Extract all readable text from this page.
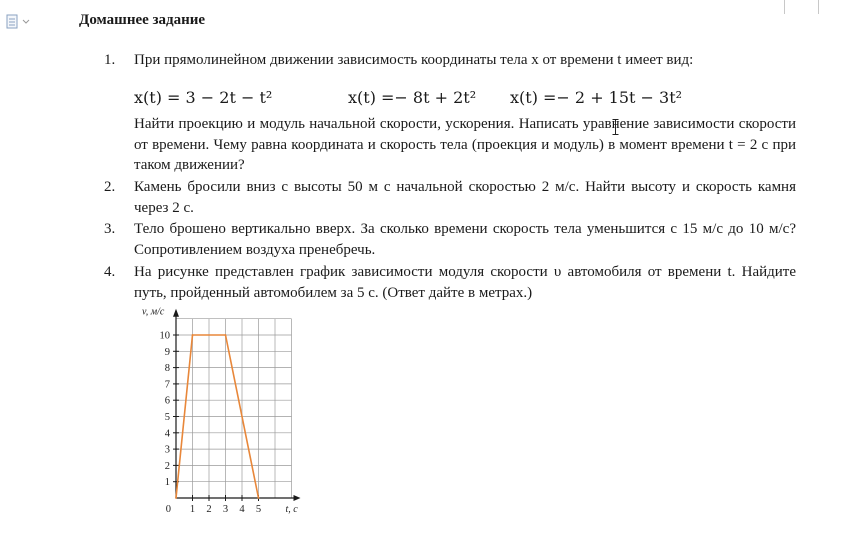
Домашнее задание
1.	При прямолинейном движении зависимость координаты тела x от времени t имеет вид:
x(t) = 3 − 2t − t²	x(t) =− 8t + 2t² x(t) =− 2 + 15t − 3t²
Найти проекцию и модуль начальной скорости, ускорения. Написать уравнение зависимости скорости от времени. Чему равна координата и скорость тела (проекция и модуль) в момент времени t = 2 с при таком движении?
2.	Камень бросили вниз с высоты 50 м с начальной скоростью 2 м/с. Найти высоту и скорость камня через 2 с.
3.	Тело брошено вертикально вверх. За сколько времени скорость тела уменьшится с 15 м/с до 10 м/с? Сопротивлением воздуха пренебречь.
4.	На рисунке представлен график зависимости модуля скорости υ автомобиля от времени t. Найдите путь, пройденный автомобилем за 5 с. (Ответ дайте в метрах.)
1
2
3
4
5
6
7
8
9
10
1 2 3 4 5
0
v, м/с
t, c
